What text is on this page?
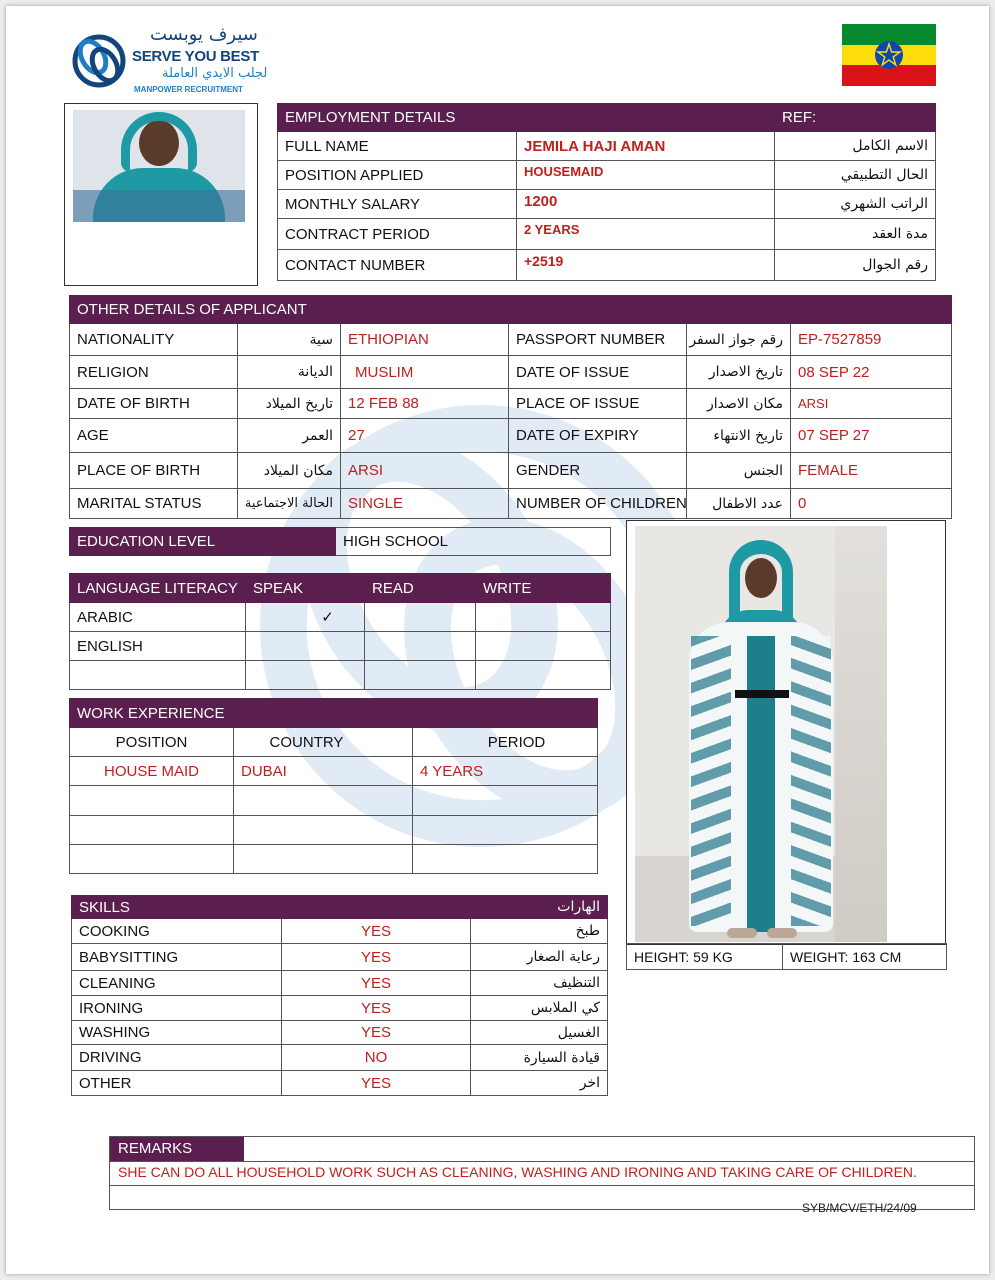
سيرف يوبست
SERVE YOU BEST
لجلب الايدي العاملة
MANPOWER RECRUITMENT
EMPLOYMENT DETAILS		REF:
FULL NAME	JEMILA HAJI AMAN	الاسم الكامل
POSITION APPLIED	HOUSEMAID	الحال التطبيقي
MONTHLY SALARY	1200	الراتب الشهري
CONTRACT PERIOD	2 YEARS	مدة العقد
CONTACT NUMBER	+2519	رقم الجوال
OTHER DETAILS OF APPLICANT					
NATIONALITY	سية	ETHIOPIAN	PASSPORT NUMBER	رقم جواز السفر	EP-7527859
RELIGION	الديانة	MUSLIM	DATE OF ISSUE	تاريخ الاصدار	08 SEP 22
DATE OF BIRTH	تاريخ الميلاد	12 FEB 88	PLACE OF ISSUE	مكان الاصدار	ARSI
AGE	العمر	27	DATE OF EXPIRY	تاريخ الانتهاء	07 SEP 27
PLACE OF BIRTH	مكان الميلاد	ARSI	GENDER	الجنس	FEMALE
MARITAL STATUS	الحالة الاجتماعية	SINGLE	NUMBER OF CHILDREN	عدد الاطفال	0
EDUCATION LEVEL	HIGH SCHOOL
LANGUAGE LITERACY	SPEAK	READ	WRITE
ARABIC	✓		
ENGLISH			

WORK EXPERIENCE		
POSITION	COUNTRY	PERIOD
HOUSE MAID	DUBAI	4 YEARS

SKILLS		الهارات
COOKING	YES	طبخ
BABYSITTING	YES	رعاية الصغار
CLEANING	YES	التنظيف
IRONING	YES	كي الملابس
WASHING	YES	الغسيل
DRIVING	NO	قيادة السيارة
OTHER	YES	اخر
HEIGHT: 59 KG	WEIGHT: 163 CM
REMARKS
SHE CAN DO ALL HOUSEHOLD WORK SUCH AS CLEANING, WASHING AND IRONING AND TAKING CARE OF CHILDREN.
SYB/MCV/ETH/24/09
